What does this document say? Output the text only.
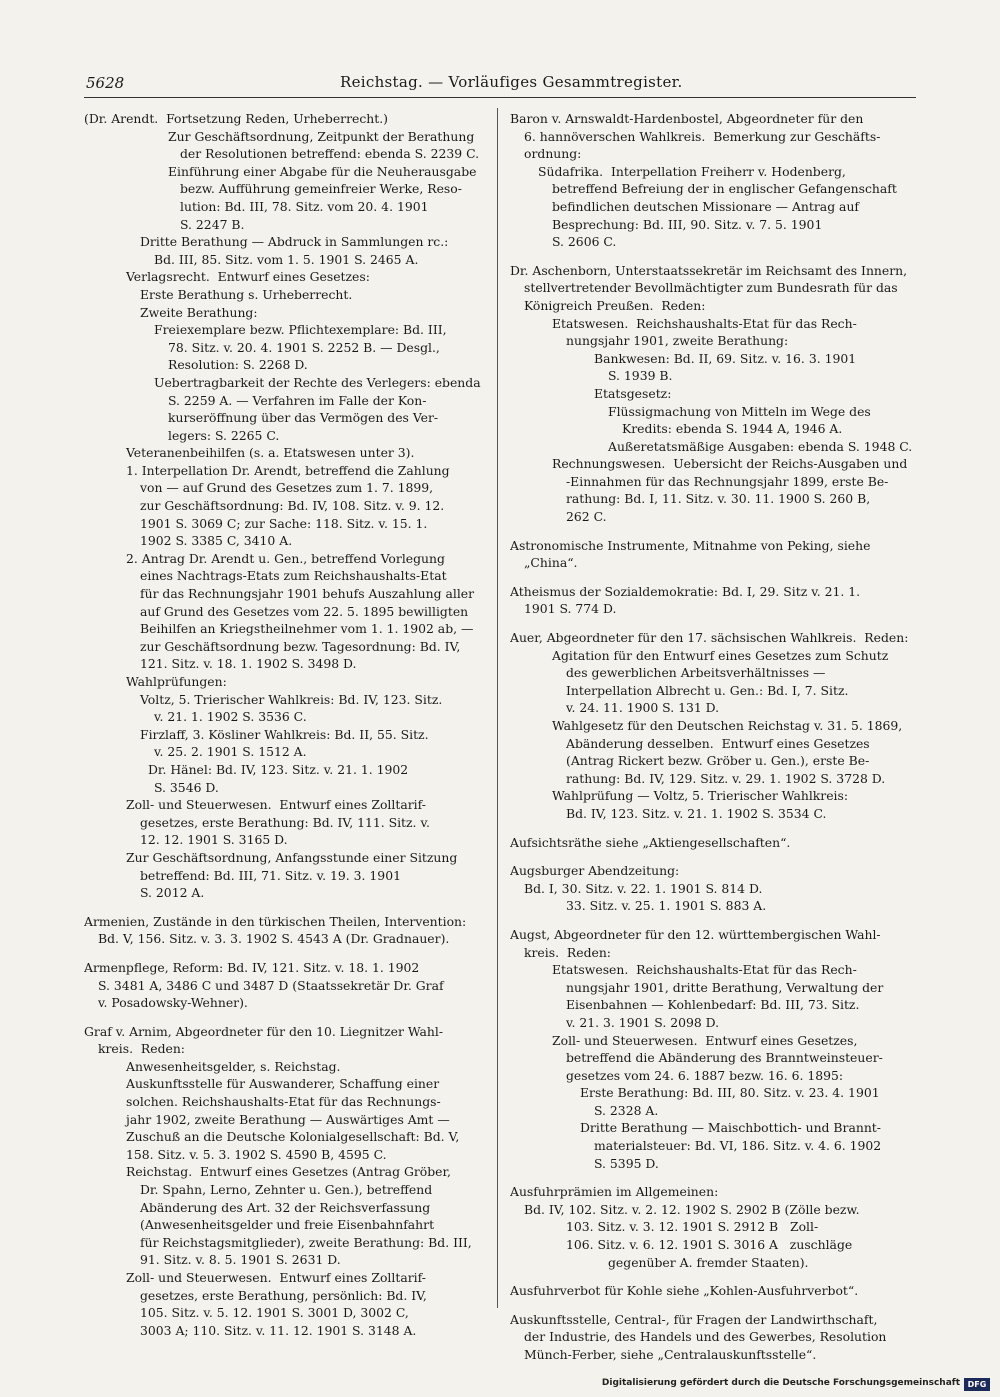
5628	Reichstag. — Vorläufiges Gesammtregister.
(Dr. Arendt.  Fortsetzung Reden, Urheberrecht.)
Zur Geschäftsordnung, Zeitpunkt der Berathung
der Resolutionen betreffend: ebenda S. 2239 C.
Einführung einer Abgabe für die Neuherausgabe
bezw. Aufführung gemeinfreier Werke, Reso-
lution: Bd. III, 78. Sitz. vom 20. 4. 1901
S. 2247 B.
Dritte Berathung — Abdruck in Sammlungen rc.:
Bd. III, 85. Sitz. vom 1. 5. 1901 S. 2465 A.
Verlagsrecht.  Entwurf eines Gesetzes:
Erste Berathung s. Urheberrecht.
Zweite Berathung:
Freiexemplare bezw. Pflichtexemplare: Bd. III,
78. Sitz. v. 20. 4. 1901 S. 2252 B. — Desgl.,
Resolution: S. 2268 D.
Uebertragbarkeit der Rechte des Verlegers: ebenda
S. 2259 A. — Verfahren im Falle der Kon-
kurseröffnung über das Vermögen des Ver-
legers: S. 2265 C.
Veteranenbeihilfen (s. a. Etatswesen unter 3).
1. Interpellation Dr. Arendt, betreffend die Zahlung
von — auf Grund des Gesetzes zum 1. 7. 1899,
zur Geschäftsordnung: Bd. IV, 108. Sitz. v. 9. 12.
1901 S. 3069 C; zur Sache: 118. Sitz. v. 15. 1.
1902 S. 3385 C, 3410 A.
2. Antrag Dr. Arendt u. Gen., betreffend Vorlegung
eines Nachtrags-Etats zum Reichshaushalts-Etat
für das Rechnungsjahr 1901 behufs Auszahlung aller
auf Grund des Gesetzes vom 22. 5. 1895 bewilligten
Beihilfen an Kriegstheilnehmer vom 1. 1. 1902 ab, —
zur Geschäftsordnung bezw. Tagesordnung: Bd. IV,
121. Sitz. v. 18. 1. 1902 S. 3498 D.
Wahlprüfungen:
Voltz, 5. Trierischer Wahlkreis: Bd. IV, 123. Sitz.
v. 21. 1. 1902 S. 3536 C.
Firzlaff, 3. Kösliner Wahlkreis: Bd. II, 55. Sitz.
v. 25. 2. 1901 S. 1512 A.
Dr. Hänel: Bd. IV, 123. Sitz. v. 21. 1. 1902
S. 3546 D.
Zoll- und Steuerwesen.  Entwurf eines Zolltarif-
gesetzes, erste Berathung: Bd. IV, 111. Sitz. v.
12. 12. 1901 S. 3165 D.
Zur Geschäftsordnung, Anfangsstunde einer Sitzung
betreffend: Bd. III, 71. Sitz. v. 19. 3. 1901
S. 2012 A.
Armenien, Zustände in den türkischen Theilen, Intervention:
Bd. V, 156. Sitz. v. 3. 3. 1902 S. 4543 A (Dr. Gradnauer).
Armenpflege, Reform: Bd. IV, 121. Sitz. v. 18. 1. 1902
S. 3481 A, 3486 C und 3487 D (Staatssekretär Dr. Graf
v. Posadowsky-Wehner).
Graf v. Arnim, Abgeordneter für den 10. Liegnitzer Wahl-
kreis.  Reden:
Anwesenheitsgelder, s. Reichstag.
Auskunftsstelle für Auswanderer, Schaffung einer
solchen. Reichshaushalts-Etat für das Rechnungs-
jahr 1902, zweite Berathung — Auswärtiges Amt —
Zuschuß an die Deutsche Kolonialgesellschaft: Bd. V,
158. Sitz. v. 5. 3. 1902 S. 4590 B, 4595 C.
Reichstag.  Entwurf eines Gesetzes (Antrag Gröber,
Dr. Spahn, Lerno, Zehnter u. Gen.), betreffend
Abänderung des Art. 32 der Reichsverfassung
(Anwesenheitsgelder und freie Eisenbahnfahrt
für Reichstagsmitglieder), zweite Berathung: Bd. III,
91. Sitz. v. 8. 5. 1901 S. 2631 D.
Zoll- und Steuerwesen.  Entwurf eines Zolltarif-
gesetzes, erste Berathung, persönlich: Bd. IV,
105. Sitz. v. 5. 12. 1901 S. 3001 D, 3002 C,
3003 A; 110. Sitz. v. 11. 12. 1901 S. 3148 A.
Baron v. Arnswaldt-Hardenbostel, Abgeordneter für den
6. hannöverschen Wahlkreis.  Bemerkung zur Geschäfts-
ordnung:
Südafrika.  Interpellation Freiherr v. Hodenberg,
betreffend Befreiung der in englischer Gefangenschaft
befindlichen deutschen Missionare — Antrag auf
Besprechung: Bd. III, 90. Sitz. v. 7. 5. 1901
S. 2606 C.
Dr. Aschenborn, Unterstaatssekretär im Reichsamt des Innern,
stellvertretender Bevollmächtigter zum Bundesrath für das
Königreich Preußen.  Reden:
Etatswesen.  Reichshaushalts-Etat für das Rech-
nungsjahr 1901, zweite Berathung:
Bankwesen: Bd. II, 69. Sitz. v. 16. 3. 1901
S. 1939 B.
Etatsgesetz:
Flüssigmachung von Mitteln im Wege des
Kredits: ebenda S. 1944 A, 1946 A.
Außeretatsmäßige Ausgaben: ebenda S. 1948 C.
Rechnungswesen.  Uebersicht der Reichs-Ausgaben und
-Einnahmen für das Rechnungsjahr 1899, erste Be-
rathung: Bd. I, 11. Sitz. v. 30. 11. 1900 S. 260 B,
262 C.
Astronomische Instrumente, Mitnahme von Peking, siehe
„China“.
Atheismus der Sozialdemokratie: Bd. I, 29. Sitz v. 21. 1.
1901 S. 774 D.
Auer, Abgeordneter für den 17. sächsischen Wahlkreis.  Reden:
Agitation für den Entwurf eines Gesetzes zum Schutz
des gewerblichen Arbeitsverhältnisses —
Interpellation Albrecht u. Gen.: Bd. I, 7. Sitz.
v. 24. 11. 1900 S. 131 D.
Wahlgesetz für den Deutschen Reichstag v. 31. 5. 1869,
Abänderung desselben.  Entwurf eines Gesetzes
(Antrag Rickert bezw. Gröber u. Gen.), erste Be-
rathung: Bd. IV, 129. Sitz. v. 29. 1. 1902 S. 3728 D.
Wahlprüfung — Voltz, 5. Trierischer Wahlkreis:
Bd. IV, 123. Sitz. v. 21. 1. 1902 S. 3534 C.
Aufsichtsräthe siehe „Aktiengesellschaften“.
Augsburger Abendzeitung:
Bd. I, 30. Sitz. v. 22. 1. 1901 S. 814 D.
33. Sitz. v. 25. 1. 1901 S. 883 A.
Augst, Abgeordneter für den 12. württembergischen Wahl-
kreis.  Reden:
Etatswesen.  Reichshaushalts-Etat für das Rech-
nungsjahr 1901, dritte Berathung, Verwaltung der
Eisenbahnen — Kohlenbedarf: Bd. III, 73. Sitz.
v. 21. 3. 1901 S. 2098 D.
Zoll- und Steuerwesen.  Entwurf eines Gesetzes,
betreffend die Abänderung des Branntweinsteuer-
gesetzes vom 24. 6. 1887 bezw. 16. 6. 1895:
Erste Berathung: Bd. III, 80. Sitz. v. 23. 4. 1901
S. 2328 A.
Dritte Berathung — Maischbottich- und Brannt-
materialsteuer: Bd. VI, 186. Sitz. v. 4. 6. 1902
S. 5395 D.
Ausfuhrprämien im Allgemeinen:
Bd. IV, 102. Sitz. v. 2. 12. 1902 S. 2902 B (Zölle bezw.
103. Sitz. v. 3. 12. 1901 S. 2912 B   Zoll-
106. Sitz. v. 6. 12. 1901 S. 3016 A   zuschläge
gegenüber A. fremder Staaten).
Ausfuhrverbot für Kohle siehe „Kohlen-Ausfuhrverbot“.
Auskunftsstelle, Central-, für Fragen der Landwirthschaft,
der Industrie, des Handels und des Gewerbes, Resolution
Münch-Ferber, siehe „Centralauskunftsstelle“.
Digitalisierung gefördert durch die Deutsche Forschungsgemeinschaft DFG
